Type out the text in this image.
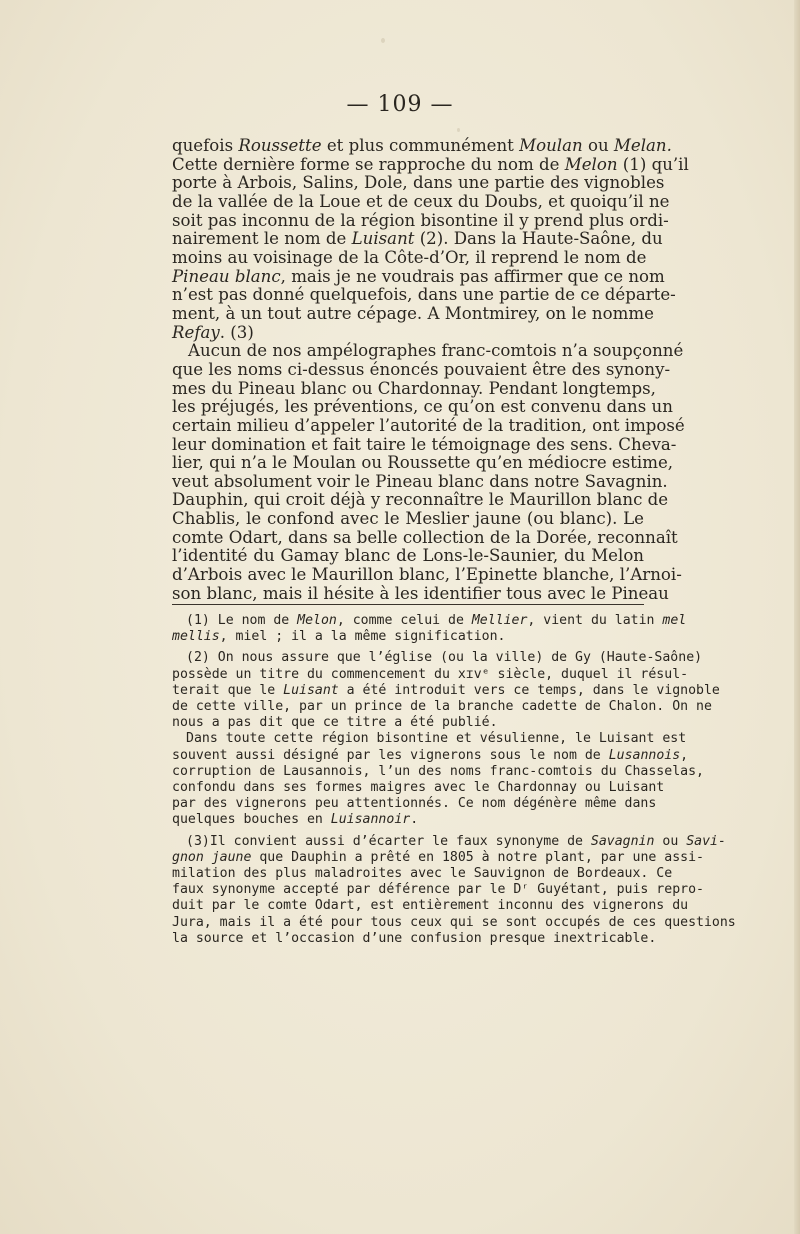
— 109 —
quefois Roussette et plus communément Moulan ou Melan.
Cette dernière forme se rapproche du nom de Melon (1) qu’il
porte à Arbois, Salins, Dole, dans une partie des vignobles
de la vallée de la Loue et de ceux du Doubs, et quoiqu’il ne
soit pas inconnu de la région bisontine il y prend plus ordi-
nairement le nom de Luisant (2). Dans la Haute-Saône, du
moins au voisinage de la Côte-d’Or, il reprend le nom de
Pineau blanc, mais je ne voudrais pas affirmer que ce nom
n’est pas donné quelquefois, dans une partie de ce départe-
ment, à un tout autre cépage. A Montmirey, on le nomme
Refay. (3)
Aucun de nos ampélographes franc-comtois n’a soupçonné
que les noms ci-dessus énoncés pouvaient être des synony-
mes du Pineau blanc ou Chardonnay. Pendant longtemps,
les préjugés, les préventions, ce qu’on est convenu dans un
certain milieu d’appeler l’autorité de la tradition, ont imposé
leur domination et fait taire le témoignage des sens. Cheva-
lier, qui n’a le Moulan ou Roussette qu’en médiocre estime,
veut absolument voir le Pineau blanc dans notre Savagnin.
Dauphin, qui croit déjà y reconnaître le Maurillon blanc de
Chablis, le confond avec le Meslier jaune (ou blanc). Le
comte Odart, dans sa belle collection de la Dorée, reconnaît
l’identité du Gamay blanc de Lons-le-Saunier, du Melon
d’Arbois avec le Maurillon blanc, l’Epinette blanche, l’Arnoi-
son blanc, mais il hésite à les identifier tous avec le Pineau
(1) Le nom de Melon, comme celui de Mellier, vient du latin mel
mellis, miel ; il a la même signification.
(2) On nous assure que l’église (ou la ville) de Gy (Haute-Saône)
possède un titre du commencement du xɪvᵉ siècle, duquel il résul-
terait que le Luisant a été introduit vers ce temps, dans le vignoble
de cette ville, par un prince de la branche cadette de Chalon. On ne
nous a pas dit que ce titre a été publié.
Dans toute cette région bisontine et vésulienne, le Luisant est
souvent aussi désigné par les vignerons sous le nom de Lusannois,
corruption de Lausannois, l’un des noms franc-comtois du Chasselas,
confondu dans ses formes maigres avec le Chardonnay ou Luisant
par des vignerons peu attentionnés. Ce nom dégénère même dans
quelques bouches en Luisannoir.
(3)Il convient aussi d’écarter le faux synonyme de Savagnin ou Savi-
gnon jaune que Dauphin a prêté en 1805 à notre plant, par une assi-
milation des plus maladroites avec le Sauvignon de Bordeaux. Ce
faux synonyme accepté par déférence par le Dʳ Guyétant, puis repro-
duit par le comte Odart, est entièrement inconnu des vignerons du
Jura, mais il a été pour tous ceux qui se sont occupés de ces questions
la source et l’occasion d’une confusion presque inextricable.
